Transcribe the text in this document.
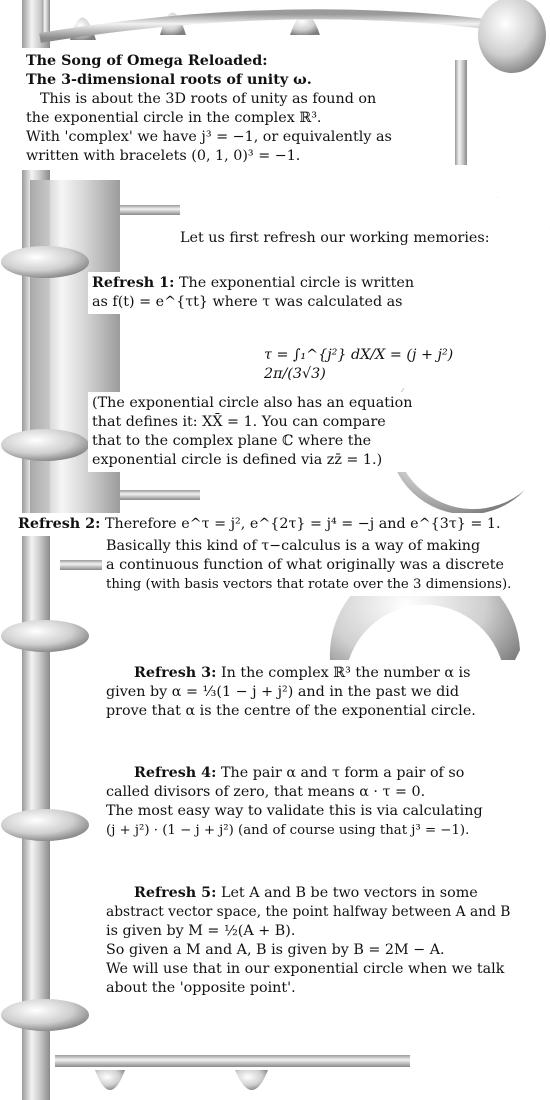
The Song of Omega Reloaded:

The 3-dimensional roots of unity ω.

This is about the 3D roots of unity as found on

the exponential circle in the complex ℝ³.

With 'complex' we have j³ = −1, or equivalently as

written with bracelets (0, 1, 0)³ = −1.

Let us first refresh our working memories:

Refresh 1: The exponential circle is written

as f(t) = e^{τt} where τ was calculated as

τ = ∫₁^{j²} dX/X = (j + j²) 2π/(3√3)

(The exponential circle also has an equation

that defines it: XX̄ = 1. You can compare

that to the complex plane ℂ where the

exponential circle is defined via zz̄ = 1.)

Refresh 2: Therefore e^τ = j², e^{2τ} = j⁴ = −j and e^{3τ} = 1.

Basically this kind of τ−calculus is a way of making

a continuous function of what originally was a discrete

thing (with basis vectors that rotate over the 3 dimensions).

Refresh 3: In the complex ℝ³ the number α is

given by α = ⅓(1 − j + j²) and in the past we did

prove that α is the centre of the exponential circle.

Refresh 4: The pair α and τ form a pair of so

called divisors of zero, that means α · τ = 0.

The most easy way to validate this is via calculating

(j + j²) · (1 − j + j²) (and of course using that j³ = −1).

Refresh 5: Let A and B be two vectors in some

abstract vector space, the point halfway between A and B

is given by M = ½(A + B).

So given a M and A, B is given by B = 2M − A.

We will use that in our exponential circle when we talk

about the 'opposite point'.
